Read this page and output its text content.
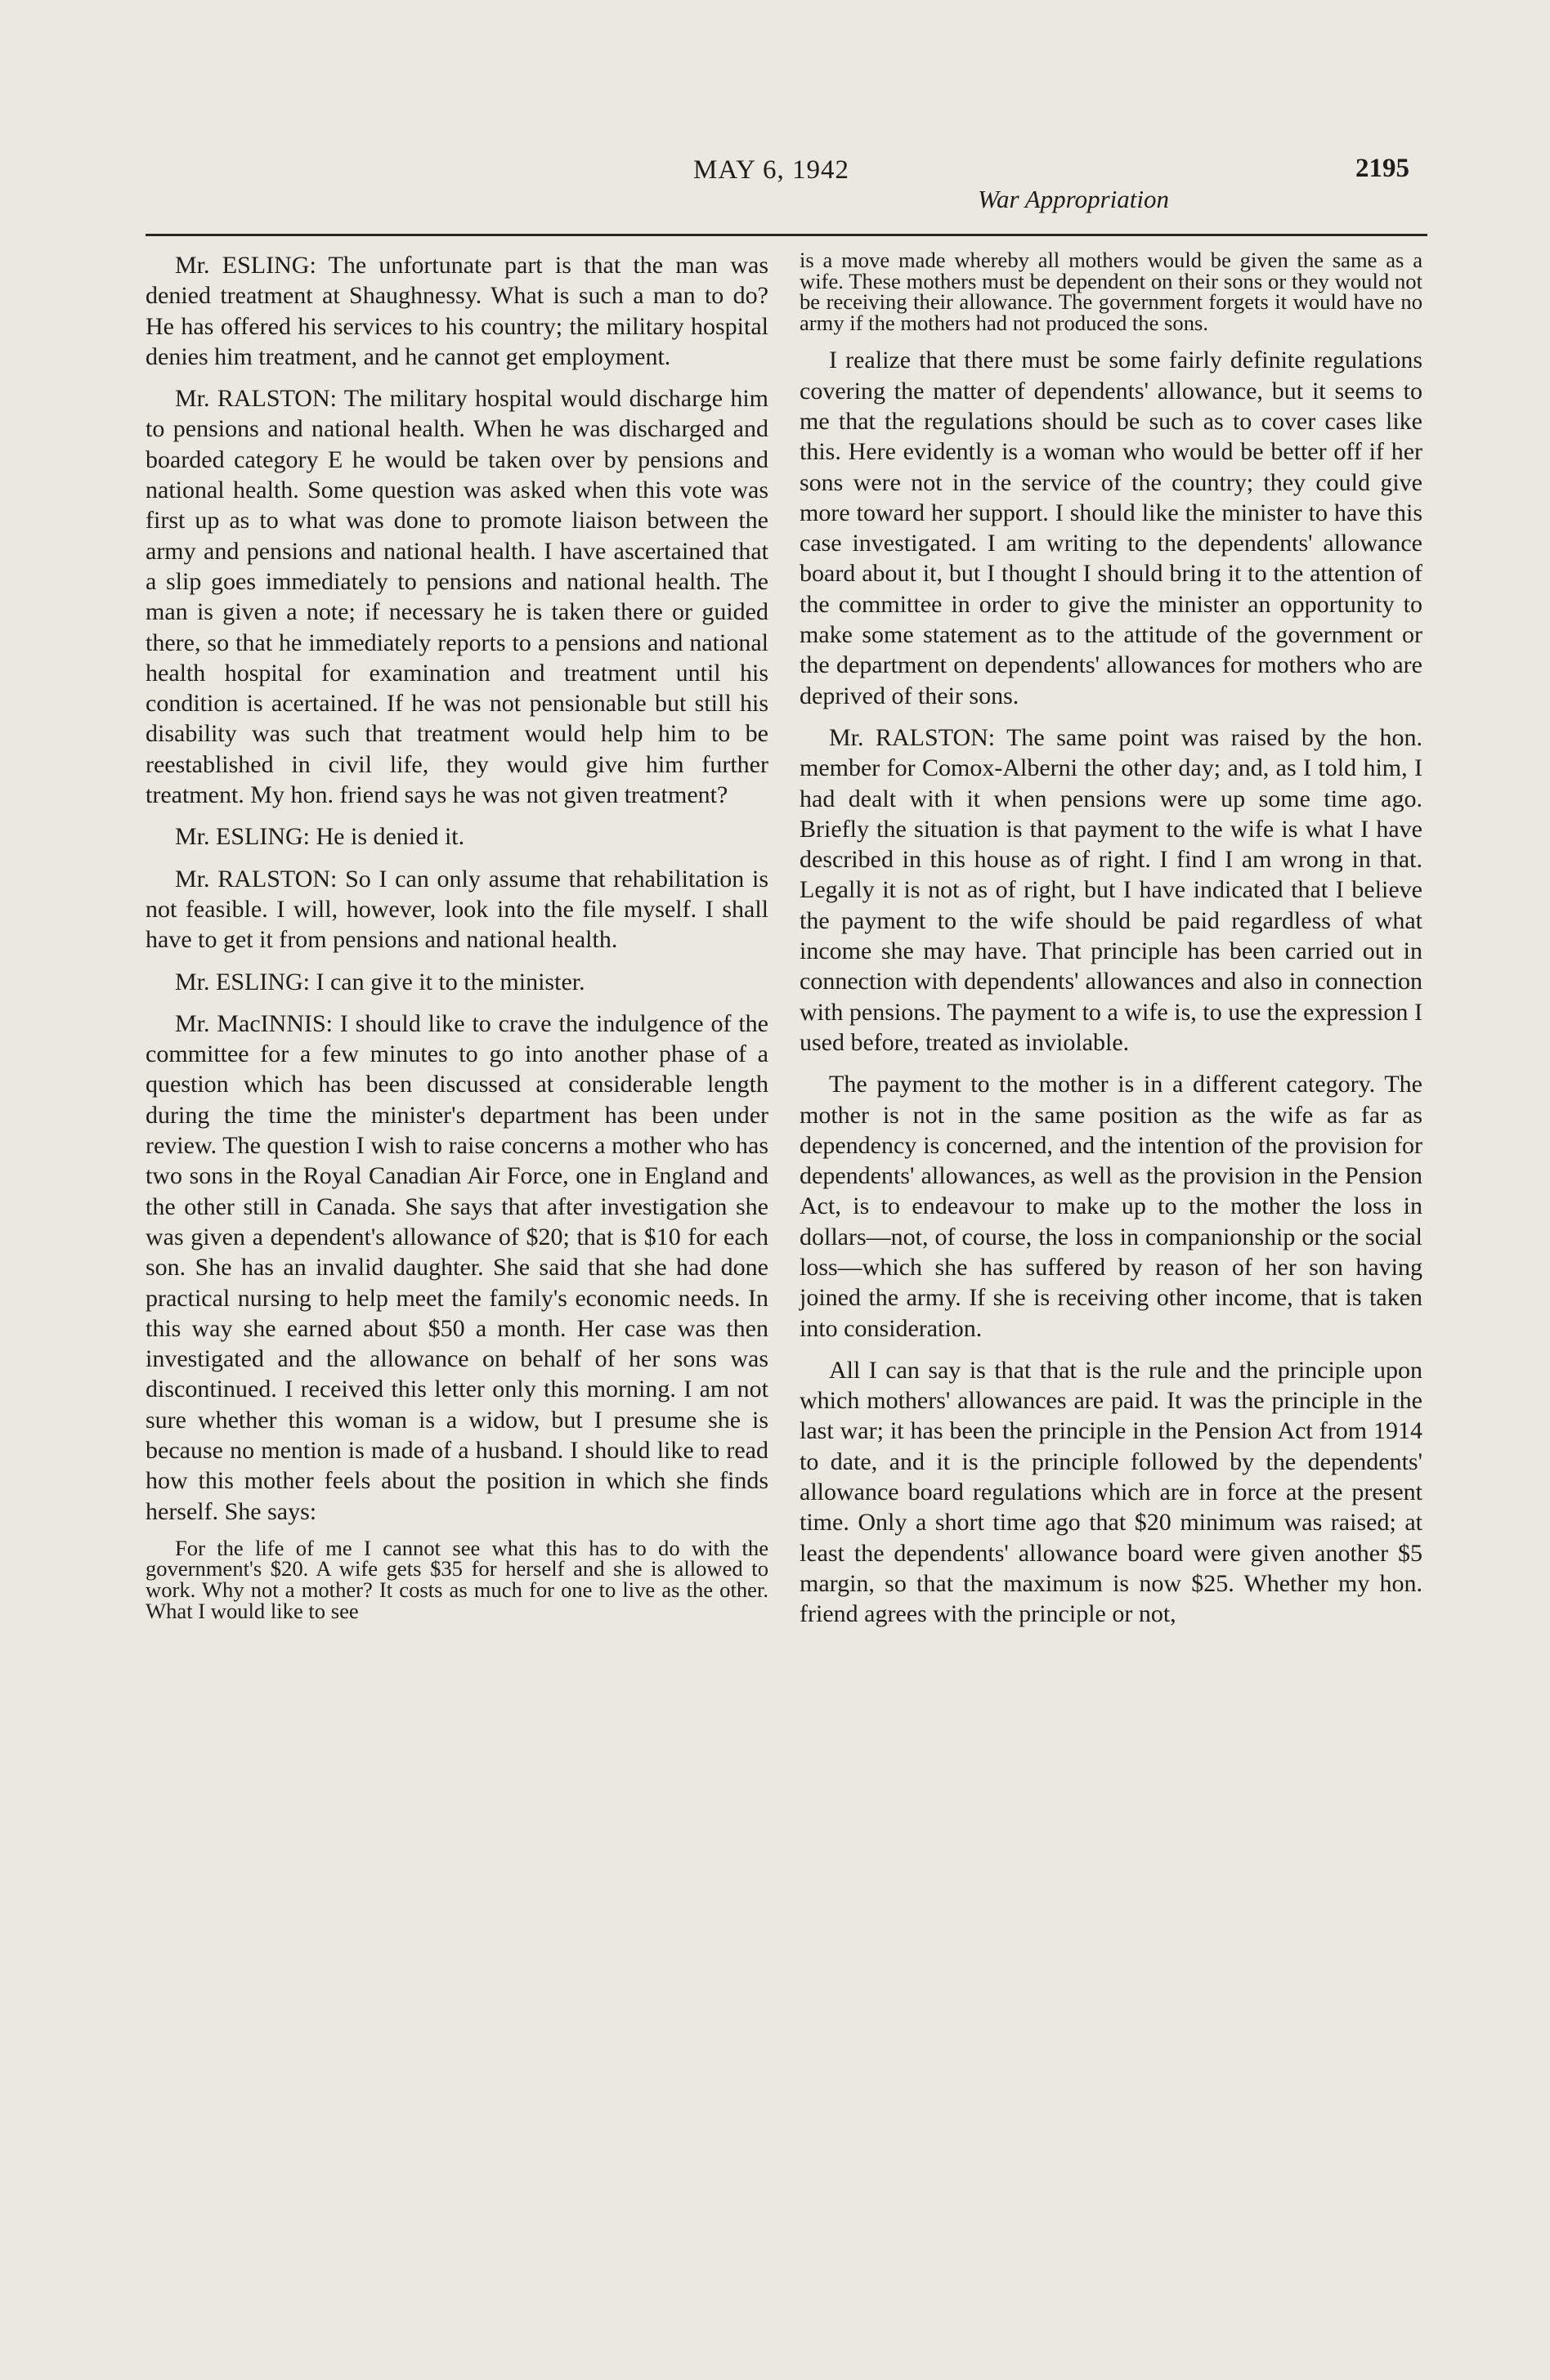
MAY 6, 1942	2195
War Appropriation

Mr. ESLING: The unfortunate part is that the man was denied treatment at Shaughnessy. What is such a man to do? He has offered his services to his country; the military hospital denies him treatment, and he cannot get employment.

Mr. RALSTON: The military hospital would discharge him to pensions and national health. When he was discharged and boarded category E he would be taken over by pensions and national health. Some question was asked when this vote was first up as to what was done to promote liaison between the army and pensions and national health. I have ascertained that a slip goes immediately to pensions and national health. The man is given a note; if necessary he is taken there or guided there, so that he immediately reports to a pensions and national health hospital for examination and treatment until his condition is acertained. If he was not pensionable but still his disability was such that treatment would help him to be reestablished in civil life, they would give him further treatment. My hon. friend says he was not given treatment?

Mr. ESLING: He is denied it.

Mr. RALSTON: So I can only assume that rehabilitation is not feasible. I will, however, look into the file myself. I shall have to get it from pensions and national health.

Mr. ESLING: I can give it to the minister.

Mr. MacINNIS: I should like to crave the indulgence of the committee for a few minutes to go into another phase of a question which has been discussed at considerable length during the time the minister's department has been under review. The question I wish to raise concerns a mother who has two sons in the Royal Canadian Air Force, one in England and the other still in Canada. She says that after investigation she was given a dependent's allowance of $20; that is $10 for each son. She has an invalid daughter. She said that she had done practical nursing to help meet the family's economic needs. In this way she earned about $50 a month. Her case was then investigated and the allowance on behalf of her sons was discontinued. I received this letter only this morning. I am not sure whether this woman is a widow, but I presume she is because no mention is made of a husband. I should like to read how this mother feels about the position in which she finds herself. She says:

For the life of me I cannot see what this has to do with the government's $20. A wife gets $35 for herself and she is allowed to work. Why not a mother? It costs as much for one to live as the other. What I would like to see

is a move made whereby all mothers would be given the same as a wife. These mothers must be dependent on their sons or they would not be receiving their allowance. The government forgets it would have no army if the mothers had not produced the sons.

I realize that there must be some fairly definite regulations covering the matter of dependents' allowance, but it seems to me that the regulations should be such as to cover cases like this. Here evidently is a woman who would be better off if her sons were not in the service of the country; they could give more toward her support. I should like the minister to have this case investigated. I am writing to the dependents' allowance board about it, but I thought I should bring it to the attention of the committee in order to give the minister an opportunity to make some statement as to the attitude of the government or the department on dependents' allowances for mothers who are deprived of their sons.

Mr. RALSTON: The same point was raised by the hon. member for Comox-Alberni the other day; and, as I told him, I had dealt with it when pensions were up some time ago. Briefly the situation is that payment to the wife is what I have described in this house as of right. I find I am wrong in that. Legally it is not as of right, but I have indicated that I believe the payment to the wife should be paid regardless of what income she may have. That principle has been carried out in connection with dependents' allowances and also in connection with pensions. The payment to a wife is, to use the expression I used before, treated as inviolable.

The payment to the mother is in a different category. The mother is not in the same position as the wife as far as dependency is concerned, and the intention of the provision for dependents' allowances, as well as the provision in the Pension Act, is to endeavour to make up to the mother the loss in dollars—not, of course, the loss in companionship or the social loss—which she has suffered by reason of her son having joined the army. If she is receiving other income, that is taken into consideration.

All I can say is that that is the rule and the principle upon which mothers' allowances are paid. It was the principle in the last war; it has been the principle in the Pension Act from 1914 to date, and it is the principle followed by the dependents' allowance board regulations which are in force at the present time. Only a short time ago that $20 minimum was raised; at least the dependents' allowance board were given another $5 margin, so that the maximum is now $25. Whether my hon. friend agrees with the principle or not,
